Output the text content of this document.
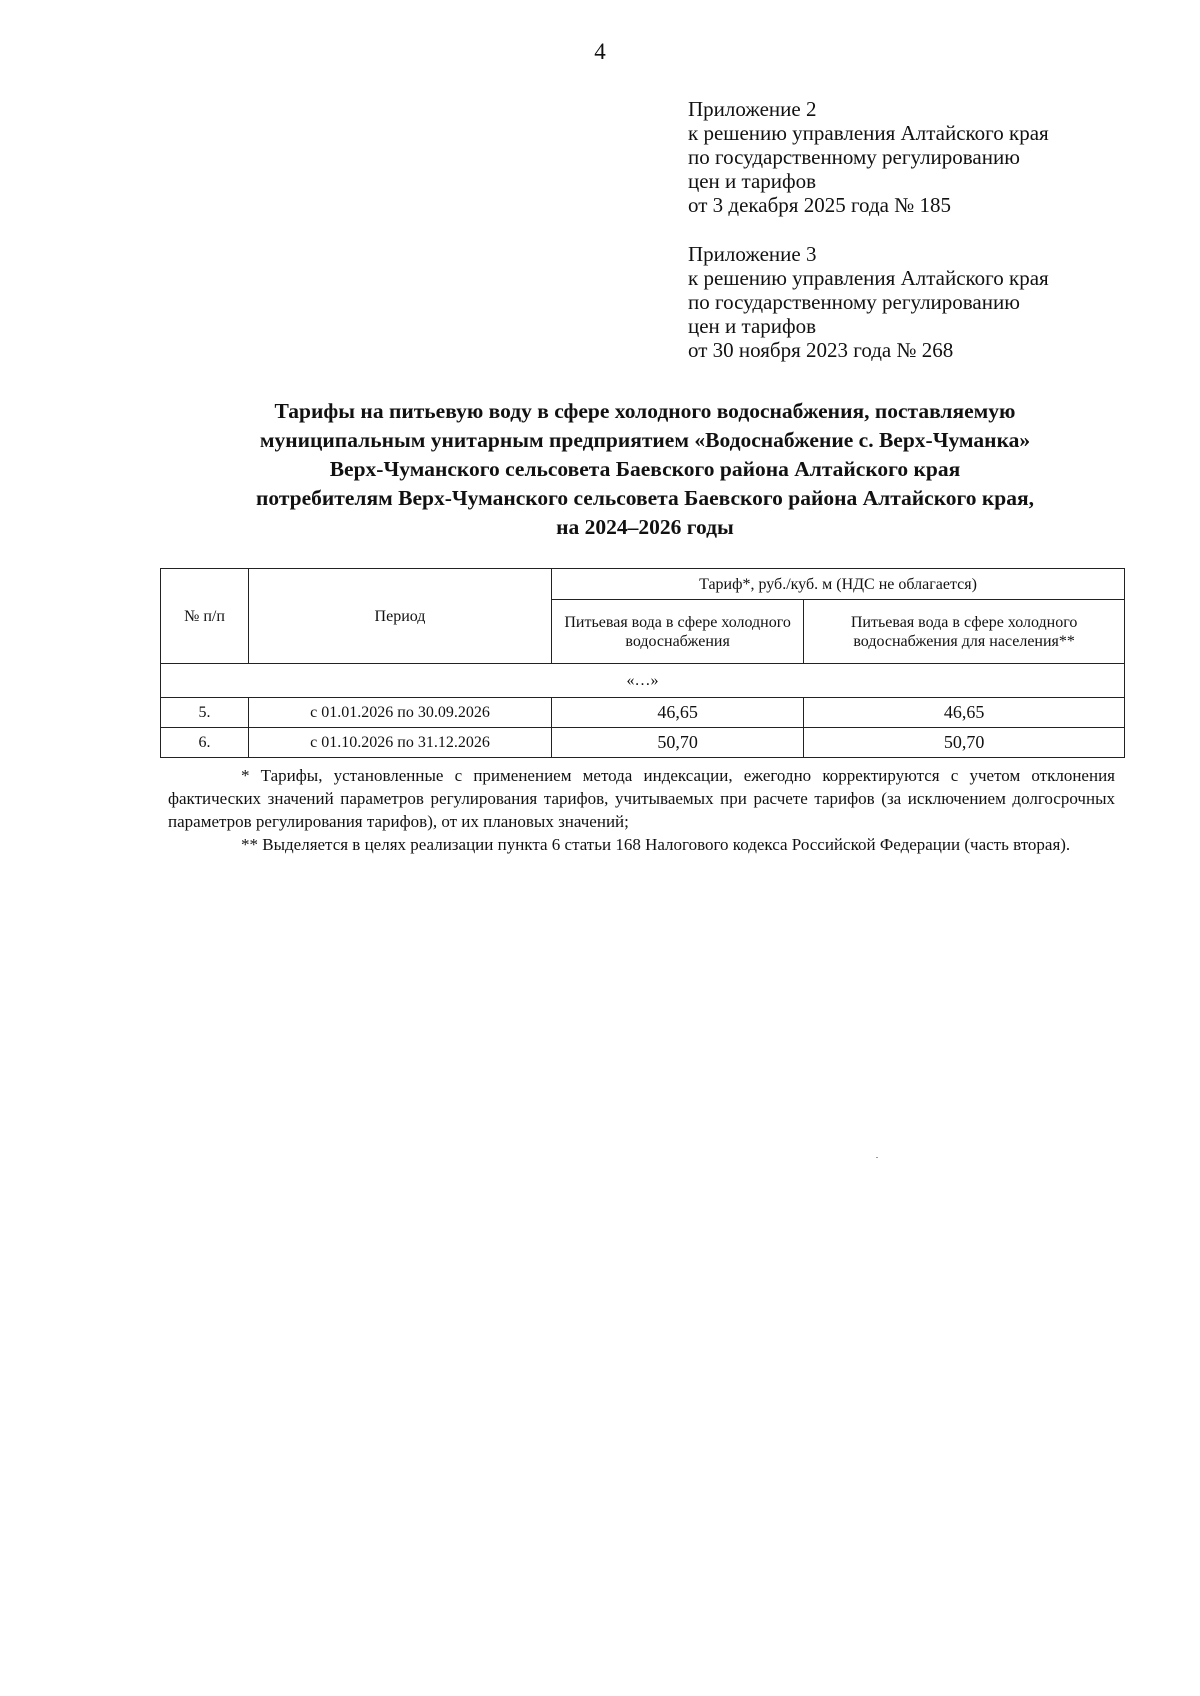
4
Приложение 2
к решению управления Алтайского края
по государственному регулированию
цен и тарифов
от 3 декабря 2025 года № 185
Приложение 3
к решению управления Алтайского края
по государственному регулированию
цен и тарифов
от 30 ноября 2023 года № 268
Тарифы на питьевую воду в сфере холодного водоснабжения, поставляемую
муниципальным унитарным предприятием «Водоснабжение с. Верх-Чуманка»
Верх-Чуманского сельсовета Баевского района Алтайского края
потребителям Верх-Чуманского сельсовета Баевского района Алтайского края,
на 2024–2026 годы
№ п/п	Период	Тариф*, руб./куб. м (НДС не облагается)	
		Питьевая вода в сфере холодного водоснабжения	Питьевая вода в сфере холодного водоснабжения для населения**
«…»			
5.	с 01.01.2026 по 30.09.2026	46,65	46,65
6.	с 01.10.2026 по 31.12.2026	50,70	50,70

* Тарифы, установленные с применением метода индексации, ежегодно корректируются с учетом отклонения фактических значений параметров регулирования тарифов, учитываемых при расчете тарифов (за исключением долгосрочных параметров регулирования тарифов), от их плановых значений;

** Выделяется в целях реализации пункта 6 статьи 168 Налогового кодекса Российской Федерации (часть вторая).
